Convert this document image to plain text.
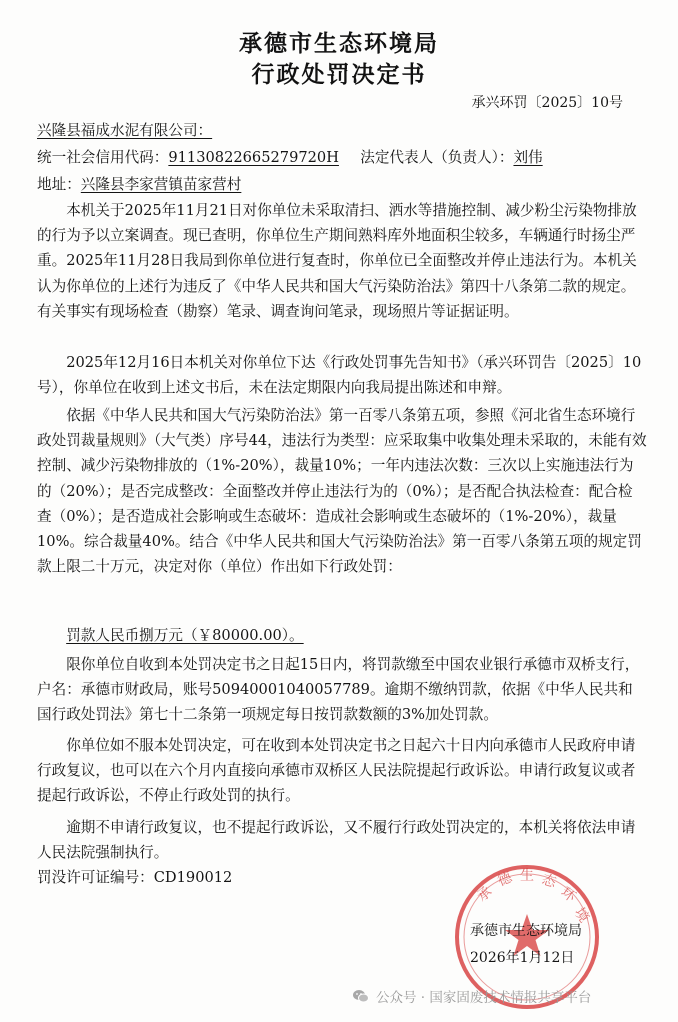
承德市生态环境局
行政处罚决定书
承兴环罚〔2025〕10号
兴隆县福成水泥有限公司：
统一社会信用代码：91130822665279720H 法定代表人（负责人）：刘伟
地址：兴隆县李家营镇苗家营村

本机关于2025年11月21日对你单位未采取清扫、洒水等措施控制、减少粉尘污染物排放的行为予以立案调查。现已查明，你单位生产期间熟料库外地面积尘较多，车辆通行时扬尘严重。2025年11月28日我局到你单位进行复查时，你单位已全面整改并停止违法行为。本机关认为你单位的上述行为违反了《中华人民共和国大气污染防治法》第四十八条第二款的规定。有关事实有现场检查（勘察）笔录、调查询问笔录，现场照片等证据证明。

2025年12月16日本机关对你单位下达《行政处罚事先告知书》（承兴环罚告〔2025〕10号），你单位在收到上述文书后，未在法定期限内向我局提出陈述和申辩。

依据《中华人民共和国大气污染防治法》第一百零八条第五项，参照《河北省生态环境行政处罚裁量规则》（大气类）序号44，违法行为类型：应采取集中收集处理未采取的，未能有效控制、减少污染物排放的（1%-20%），裁量10%；一年内违法次数：三次以上实施违法行为的（20%）；是否完成整改：全面整改并停止违法行为的（0%）；是否配合执法检查：配合检查（0%）；是否造成社会影响或生态破坏：造成社会影响或生态破坏的（1%-20%），裁量10%。综合裁量40%。结合《中华人民共和国大气污染防治法》第一百零八条第五项的规定罚款上限二十万元，决定对你（单位）作出如下行政处罚：

罚款人民币捌万元（￥80000.00）。

限你单位自收到本处罚决定书之日起15日内，将罚款缴至中国农业银行承德市双桥支行，户名：承德市财政局，账号50940001040057789。逾期不缴纳罚款，依据《中华人民共和国行政处罚法》第七十二条第一项规定每日按罚款数额的3%加处罚款。

你单位如不服本处罚决定，可在收到本处罚决定书之日起六十日内向承德市人民政府申请行政复议，也可以在六个月内直接向承德市双桥区人民法院提起行政诉讼。申请行政复议或者提起行政诉讼，不停止行政处罚的执行。

逾期不申请行政复议，也不提起行政诉讼，又不履行行政处罚决定的，本机关将依法申请人民法院强制执行。

罚没许可证编号：CD190012
承
德 生 态
环
境
承德市生态环境局
2026年1月12日
公众号 · 国家固废技术情报共享平台
